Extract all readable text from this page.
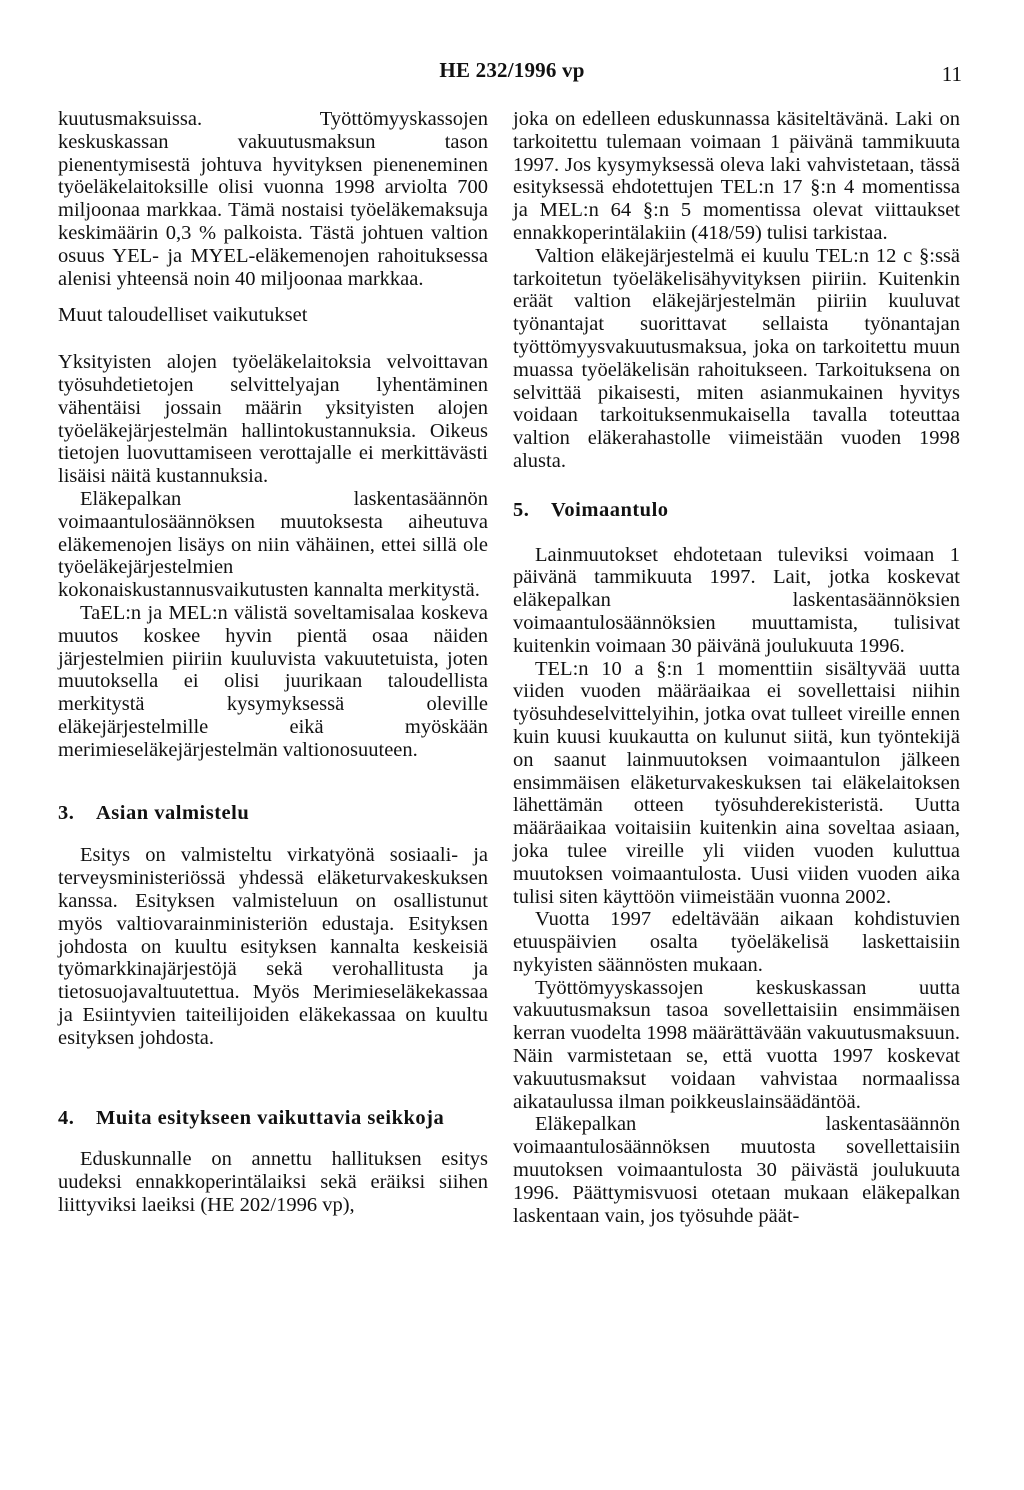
HE 232/1996 vp	11

kuutusmaksuissa. Työttömyyskassojen keskuskassan vakuutusmaksun tason pienentymisestä johtuva hyvityksen pieneneminen työeläkelaitoksille olisi vuonna 1998 arviolta 700 miljoonaa markkaa. Tämä nostaisi työeläkemaksuja keskimäärin 0,3 % palkoista. Tästä johtuen valtion osuus YEL- ja MYEL-eläkemenojen rahoituksessa alenisi yhteensä noin 40 miljoonaa markkaa.

Muut taloudelliset vaikutukset

Yksityisten alojen työeläkelaitoksia velvoittavan työsuhdetietojen selvittelyajan lyhentäminen vähentäisi jossain määrin yksityisten alojen työeläkejärjestelmän hallintokustannuksia. Oikeus tietojen luovuttamiseen verottajalle ei merkittävästi lisäisi näitä kustannuksia.

Eläkepalkan laskentasäännön voimaantulosäännöksen muutoksesta aiheutuva eläkemenojen lisäys on niin vähäinen, ettei sillä ole työeläkejärjestelmien kokonaiskustannusvaikutusten kannalta merkitystä.

TaEL:n ja MEL:n välistä soveltamisalaa koskeva muutos koskee hyvin pientä osaa näiden järjestelmien piiriin kuuluvista vakuutetuista, joten muutoksella ei olisi juurikaan taloudellista merkitystä kysymyksessä oleville eläkejärjestelmille eikä myöskään merimieseläkejärjestelmän valtionosuuteen.

3.	Asian valmistelu

Esitys on valmisteltu virkatyönä sosiaali- ja terveysministeriössä yhdessä eläketurvakeskuksen kanssa. Esityksen valmisteluun on osallistunut myös valtiovarainministeriön edustaja. Esityksen johdosta on kuultu esityksen kannalta keskeisiä työmarkkinajärjestöjä sekä verohallitusta ja tietosuojavaltuutettua. Myös Merimieseläkekassaa ja Esiintyvien taiteilijoiden eläkekassaa on kuultu esityksen johdosta.

4.	Muita esitykseen vaikuttavia seikkoja

Eduskunnalle on annettu hallituksen esitys uudeksi ennakkoperintälaiksi sekä eräiksi siihen liittyviksi laeiksi (HE 202/1996 vp),

joka on edelleen eduskunnassa käsiteltävänä. Laki on tarkoitettu tulemaan voimaan 1 päivänä tammikuuta 1997. Jos kysymyksessä oleva laki vahvistetaan, tässä esityksessä ehdotettujen TEL:n 17 §:n 4 momentissa ja MEL:n 64 §:n 5 momentissa olevat viittaukset ennakkoperintälakiin (418/59) tulisi tarkistaa.

Valtion eläkejärjestelmä ei kuulu TEL:n 12 c §:ssä tarkoitetun työeläkelisähyvityksen piiriin. Kuitenkin eräät valtion eläkejärjestelmän piiriin kuuluvat työnantajat suorittavat sellaista työnantajan työttömyysvakuutusmaksua, joka on tarkoitettu muun muassa työeläkelisän rahoitukseen. Tarkoituksena on selvittää pikaisesti, miten asianmukainen hyvitys voidaan tarkoituksenmukaisella tavalla toteuttaa valtion eläkerahastolle viimeistään vuoden 1998 alusta.

5.	Voimaantulo

Lainmuutokset ehdotetaan tuleviksi voimaan 1 päivänä tammikuuta 1997. Lait, jotka koskevat eläkepalkan laskentasäännöksien voimaantulosäännöksien muuttamista, tulisivat kuitenkin voimaan 30 päivänä joulukuuta 1996.

TEL:n 10 a §:n 1 momenttiin sisältyvää uutta viiden vuoden määräaikaa ei sovellettaisi niihin työsuhdeselvittelyihin, jotka ovat tulleet vireille ennen kuin kuusi kuukautta on kulunut siitä, kun työntekijä on saanut lainmuutoksen voimaantulon jälkeen ensimmäisen eläketurvakeskuksen tai eläkelaitoksen lähettämän otteen työsuhderekisteristä. Uutta määräaikaa voitaisiin kuitenkin aina soveltaa asiaan, joka tulee vireille yli viiden vuoden kuluttua muutoksen voimaantulosta. Uusi viiden vuoden aika tulisi siten käyttöön viimeistään vuonna 2002.

Vuotta 1997 edeltävään aikaan kohdistuvien etuuspäivien osalta työeläkelisä laskettaisiin nykyisten säännösten mukaan.

Työttömyyskassojen keskuskassan uutta vakuutusmaksun tasoa sovellettaisiin ensimmäisen kerran vuodelta 1998 määrättävään vakuutusmaksuun. Näin varmistetaan se, että vuotta 1997 koskevat vakuutusmaksut voidaan vahvistaa normaalissa aikataulussa ilman poikkeuslainsäädäntöä.

Eläkepalkan laskentasäännön voimaantulosäännöksen muutosta sovellettaisiin muutoksen voimaantulosta 30 päivästä joulukuuta 1996. Päättymisvuosi otetaan mukaan eläkepalkan laskentaan vain, jos työsuhde päät-
